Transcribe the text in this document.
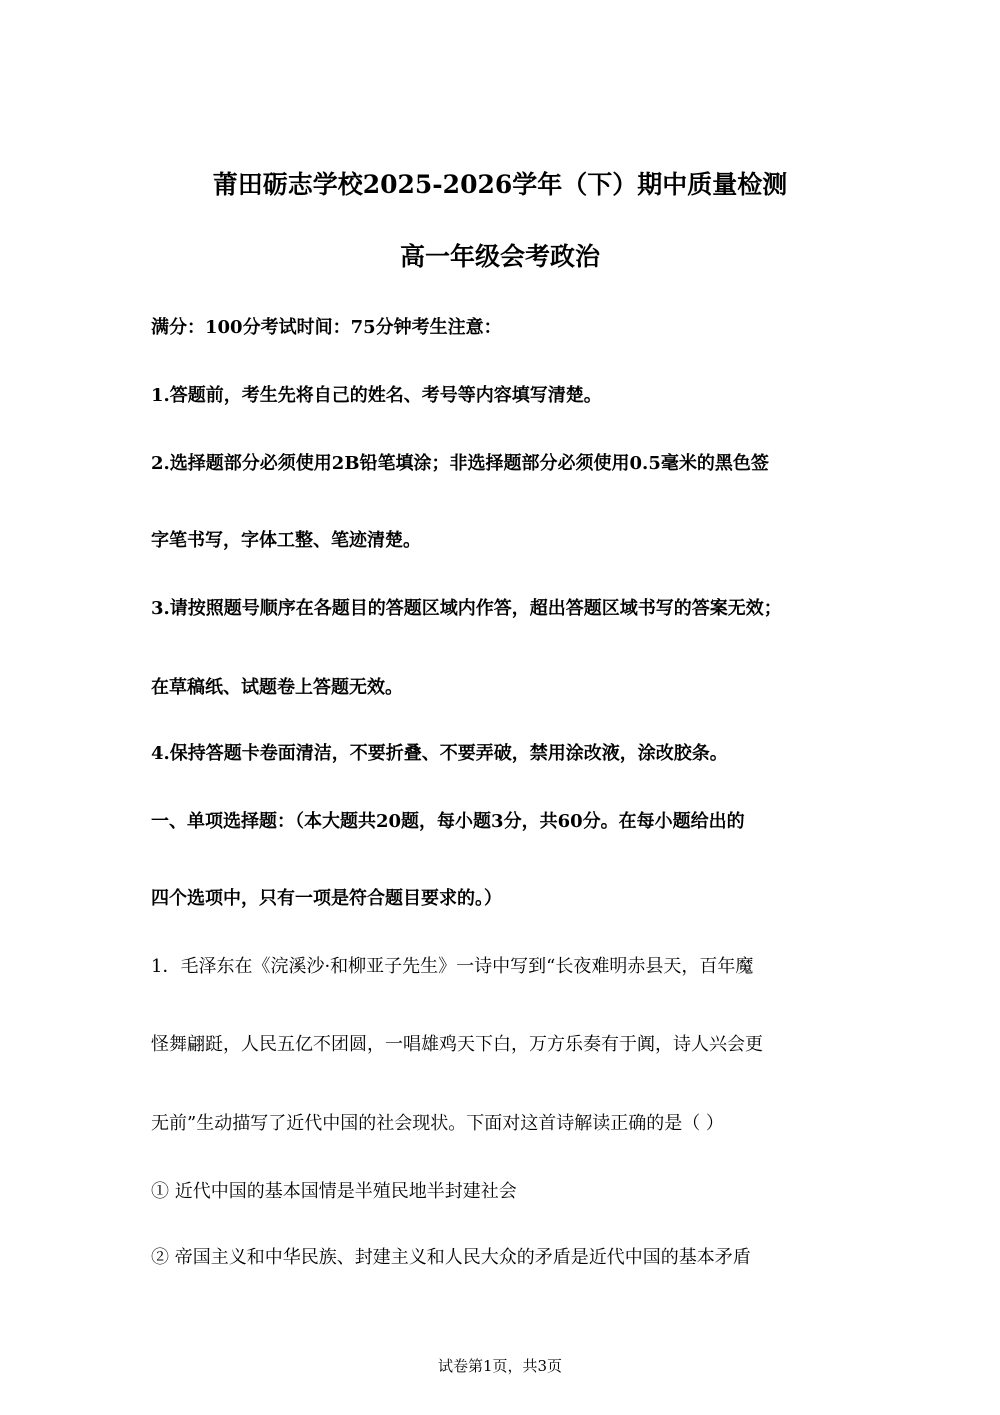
莆田砺志学校2025-2026学年（下）期中质量检测
高一年级会考政治
满分：100分考试时间：75分钟考生注意：
1.答题前，考生先将自己的姓名、考号等内容填写清楚。
2.选择题部分必须使用2B铅笔填涂；非选择题部分必须使用0.5毫米的黑色签
字笔书写，字体工整、笔迹清楚。
3.请按照题号顺序在各题目的答题区域内作答，超出答题区域书写的答案无效；
在草稿纸、试题卷上答题无效。
4.保持答题卡卷面清洁，不要折叠、不要弄破，禁用涂改液，涂改胶条。
一、单项选择题：（本大题共20题，每小题3分，共60分。在每小题给出的
四个选项中，只有一项是符合题目要求的。）
1．毛泽东在《浣溪沙·和柳亚子先生》一诗中写到“长夜难明赤县天，百年魔
怪舞翩跹，人民五亿不团圆，一唱雄鸡天下白，万方乐奏有于阗，诗人兴会更
无前”生动描写了近代中国的社会现状。下面对这首诗解读正确的是（ ）
① 近代中国的基本国情是半殖民地半封建社会
② 帝国主义和中华民族、封建主义和人民大众的矛盾是近代中国的基本矛盾
试卷第1页，共3页
